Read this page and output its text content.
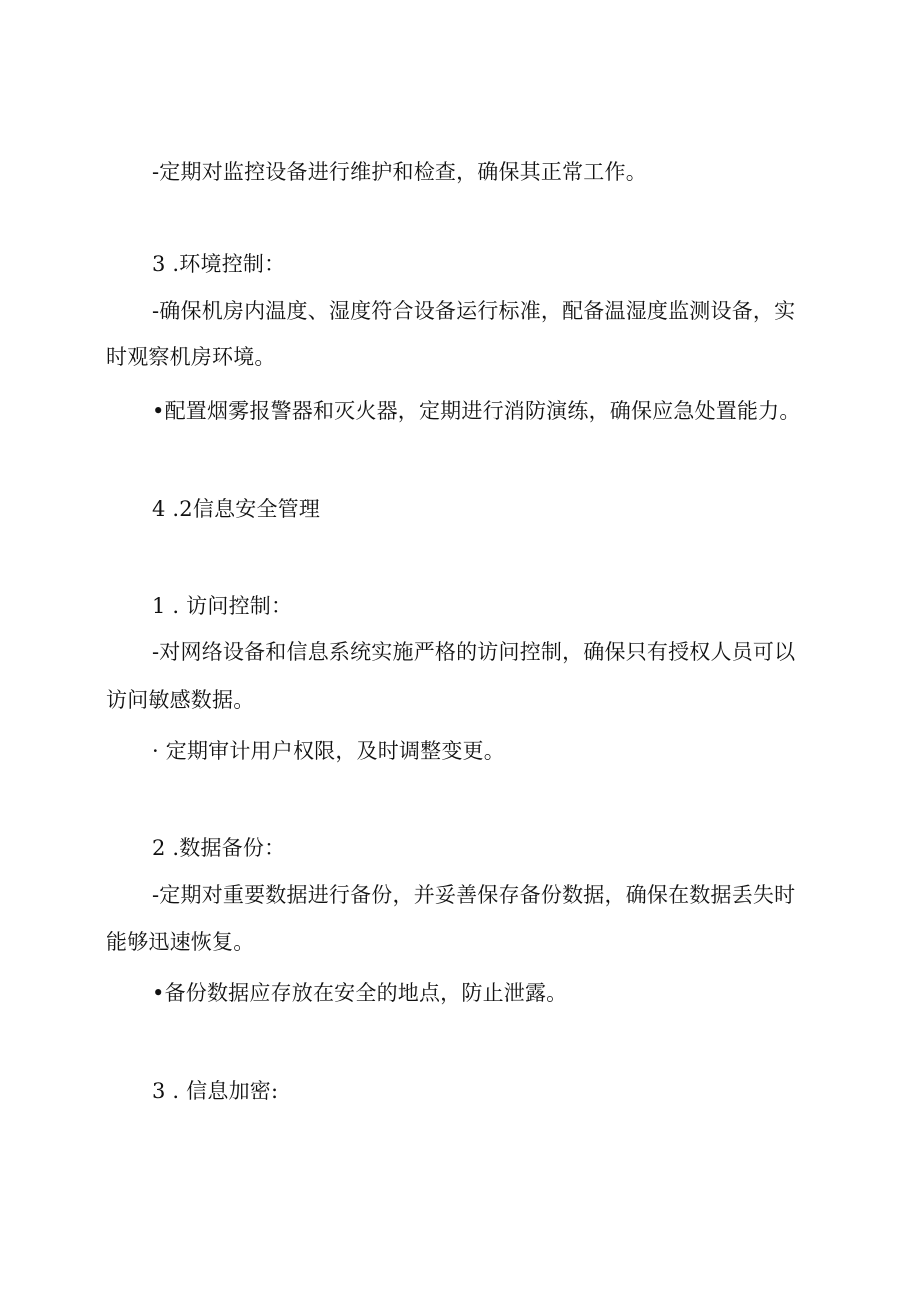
-定期对监控设备进行维护和检查，确保其正常工作。
3 .环境控制：
-确保机房内温度、湿度符合设备运行标准，配备温湿度监测设备，实
时观察机房环境。
•配置烟雾报警器和灭火器，定期进行消防演练，确保应急处置能力。
4 .2信息安全管理
1 . 访问控制：
-对网络设备和信息系统实施严格的访问控制，确保只有授权人员可以
访问敏感数据。
· 定期审计用户权限，及时调整变更。
2 .数据备份：
-定期对重要数据进行备份，并妥善保存备份数据，确保在数据丢失时
能够迅速恢复。
•备份数据应存放在安全的地点，防止泄露。
3 . 信息加密:
